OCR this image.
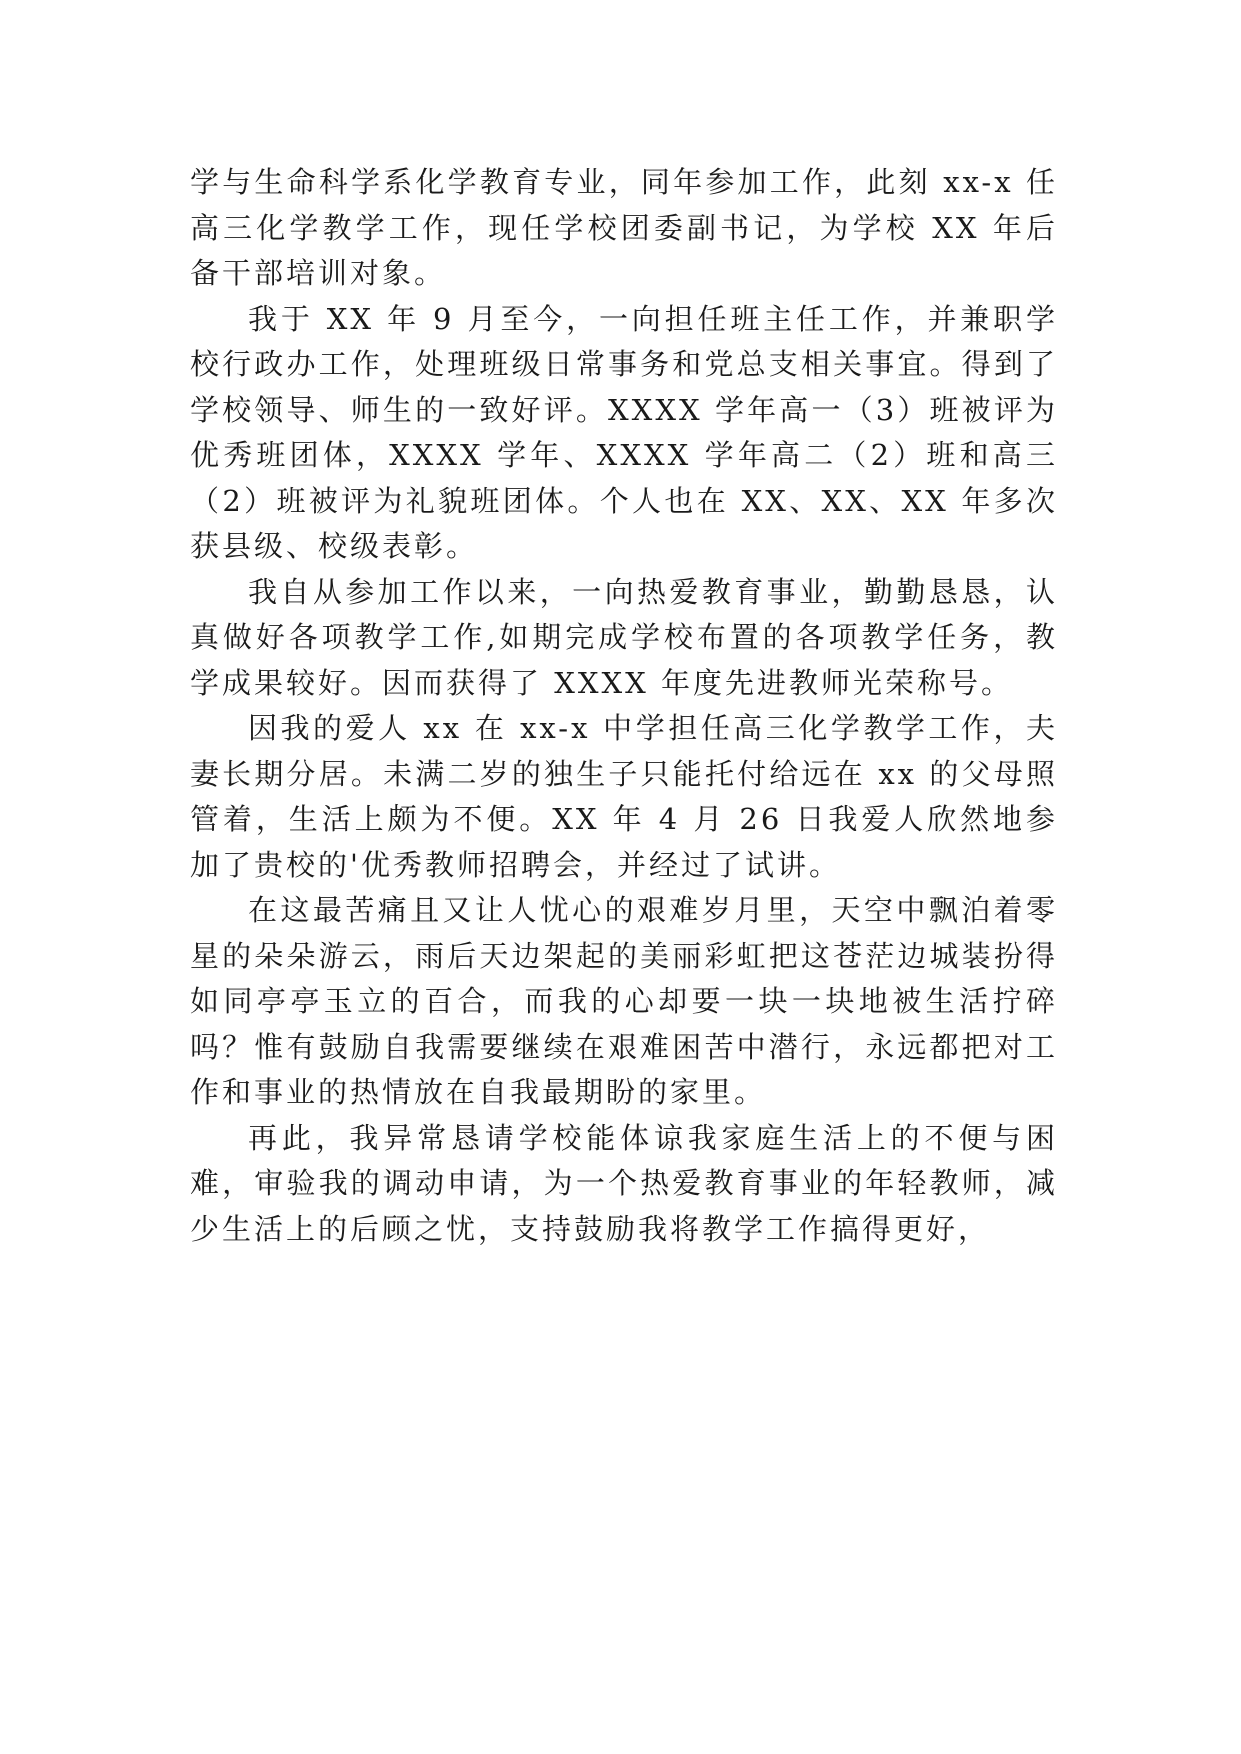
学与生命科学系化学教育专业，同年参加工作，此刻 xx-x 任高三化学教学工作，现任学校团委副书记，为学校 XX 年后备干部培训对象。

我于 XX 年 9 月至今，一向担任班主任工作，并兼职学校行政办工作，处理班级日常事务和党总支相关事宜。得到了学校领导、师生的一致好评。XXXX 学年高一（3）班被评为优秀班团体，XXXX 学年、XXXX 学年高二（2）班和高三（2）班被评为礼貌班团体。个人也在 XX、XX、XX 年多次获县级、校级表彰。

我自从参加工作以来，一向热爱教育事业，勤勤恳恳，认真做好各项教学工作,如期完成学校布置的各项教学任务，教学成果较好。因而获得了 XXXX 年度先进教师光荣称号。

因我的爱人 xx 在 xx-x 中学担任高三化学教学工作，夫妻长期分居。未满二岁的独生子只能托付给远在 xx 的父母照管着，生活上颇为不便。XX 年 4 月 26 日我爱人欣然地参加了贵校的'优秀教师招聘会，并经过了试讲。

在这最苦痛且又让人忧心的艰难岁月里，天空中飘泊着零星的朵朵游云，雨后天边架起的美丽彩虹把这苍茫边城装扮得如同亭亭玉立的百合，而我的心却要一块一块地被生活拧碎吗？惟有鼓励自我需要继续在艰难困苦中潜行，永远都把对工作和事业的热情放在自我最期盼的家里。

再此，我异常恳请学校能体谅我家庭生活上的不便与困难，审验我的调动申请，为一个热爱教育事业的年轻教师，减少生活上的后顾之忧，支持鼓励我将教学工作搞得更好，
